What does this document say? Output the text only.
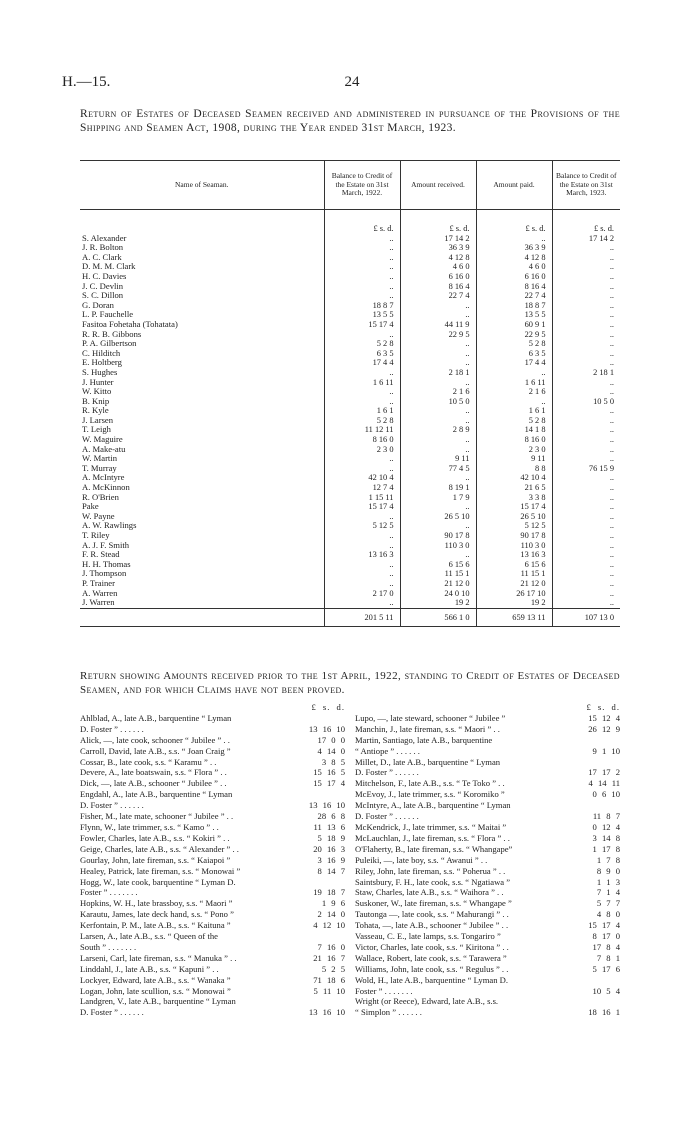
H.—15.	24
Return of Estates of Deceased Seamen received and administered in pursuance of the Provisions of the Shipping and Seamen Act, 1908, during the Year ended 31st March, 1923.
Name of Seaman.	Balance to Credit of the Estate on 31st March, 1922.	Amount received.	Amount paid.	Balance to Credit of the Estate on 31st March, 1923.
	£ s. d.	£ s. d.	£ s. d.	£ s. d.
S. Alexander	..	17 14 2	..	17 14 2
J. R. Bolton	..	36 3 9	36 3 9	..
A. C. Clark	..	4 12 8	4 12 8	..
D. M. M. Clark	..	4 6 0	4 6 0	..
H. C. Davies	..	6 16 0	6 16 0	..
J. C. Devlin	..	8 16 4	8 16 4	..
S. C. Dillon	..	22 7 4	22 7 4	..
G. Doran	18 8 7	..	18 8 7	..
L. P. Fauchelle	13 5 5	..	13 5 5	..
Fasitoa Fohetaha (Tohatata)	15 17 4	44 11 9	60 9 1	..
R. R. B. Gibbons	..	22 9 5	22 9 5	..
P. A. Gilbertson	5 2 8	..	5 2 8	..
C. Hilditch	6 3 5	..	6 3 5	..
E. Holtberg	17 4 4	..	17 4 4	..
S. Hughes	..	2 18 1	..	2 18 1
J. Hunter	1 6 11	..	1 6 11	..
W. Kitto	..	2 1 6	2 1 6	..
B. Knip	..	10 5 0	..	10 5 0
R. Kyle	1 6 1	..	1 6 1	..
J. Larsen	5 2 8	..	5 2 8	..
T. Leigh	11 12 11	2 8 9	14 1 8	..
W. Maguire	8 16 0	..	8 16 0	..
A. Make-atu	2 3 0	..	2 3 0	..
W. Martin	..	9 11	9 11	..
T. Murray	..	77 4 5	8 8	76 15 9
A. McIntyre	42 10 4	..	42 10 4	..
A. McKinnon	12 7 4	8 19 1	21 6 5	..
R. O'Brien	1 15 11	1 7 9	3 3 8	..
Pake	15 17 4	..	15 17 4	..
W. Payne	..	26 5 10	26 5 10	..
A. W. Rawlings	5 12 5	..	5 12 5	..
T. Riley	..	90 17 8	90 17 8	..
A. J. F. Smith	..	110 3 0	110 3 0	..
F. R. Stead	13 16 3	..	13 16 3	..
H. H. Thomas	..	6 15 6	6 15 6	..
J. Thompson	..	11 15 1	11 15 1	..
P. Trainer	..	21 12 0	21 12 0	..
A. Warren	2 17 0	24 0 10	26 17 10	..
J. Warren	..	19 2	19 2	..
	201 5 11	566 1 0	659 13 11	107 13 0
Return showing Amounts received prior to the 1st April, 1922, standing to Credit of Estates of Deceased Seamen, and for which Claims have not been proved.
£ s. d.
Ahlblad, A., late A.B., barquentine “ Lyman
D. Foster ” . . . . . .	13 16 10
Alick, —, late cook, schooner “ Jubilee ” . .	17 0 0
Carroll, David, late A.B., s.s. “ Joan Craig ”	4 14 0
Cossar, B., late cook, s.s. “ Karamu ” . .	3 8 5
Devere, A., late boatswain, s.s. “ Flora ” . .	15 16 5
Dick, —, late A.B., schooner “ Jubilee ” . .	15 17 4
Engdahl, A., late A.B., barquentine “ Lyman
D. Foster ” . . . . . .	13 16 10
Fisher, M., late mate, schooner “ Jubilee ” . .	28 6 8
Flynn, W., late trimmer, s.s. “ Kamo ” . .	11 13 6
Fowler, Charles, late A.B., s.s. “ Kokiri ” . .	5 18 9
Geige, Charles, late A.B., s.s. “ Alexander ” . .	20 16 3
Gourlay, John, late fireman, s.s. “ Kaiapoi ”	3 16 9
Healey, Patrick, late fireman, s.s. “ Monowai ”	8 14 7
Hogg, W., late cook, barquentine “ Lyman D.
Foster ” . . . . . . .	19 18 7
Hopkins, W. H., late brassboy, s.s. “ Maori ”	1 9 6
Karautu, James, late deck hand, s.s. “ Pono ”	2 14 0
Kerfontain, P. M., late A.B., s.s. “ Kaituna ”	4 12 10
Larsen, A., late A.B., s.s. “ Queen of the
South ” . . . . . . .	7 16 0
Larseni, Carl, late fireman, s.s. “ Manuka ” . .	21 16 7
Linddahl, J., late A.B., s.s. “ Kapuni ” . .	5 2 5
Lockyer, Edward, late A.B., s.s. “ Wanaka ”	71 18 6
Logan, John, late scullion, s.s. “ Monowai ”	5 11 10
Landgren, V., late A.B., barquentine “ Lyman
D. Foster ” . . . . . .	13 16 10
£ s. d.
Lupo, —, late steward, schooner “ Jubilee ”	15 12 4
Manchin, J., late fireman, s.s. “ Maori ” . .	26 12 9
Martin, Santiago, late A.B., barquentine
“ Antiope ” . . . . . .	9 1 10
Millet, D., late A.B., barquentine “ Lyman
D. Foster ” . . . . . .	17 17 2
Mitchelson, F., late A.B., s.s. “ Te Toko ” . .	4 14 11
McEvoy, J., late trimmer, s.s. “ Koromiko ”	0 6 10
McIntyre, A., late A.B., barquentine “ Lyman
D. Foster ” . . . . . .	11 8 7
McKendrick, J., late trimmer, s.s. “ Maitai ”	0 12 4
McLauchlan, J., late fireman, s.s. “ Flora ” . .	3 14 8
O'Flaherty, B., late fireman, s.s. “ Whangape”	1 17 8
Puleiki, —, late boy, s.s. “ Awanui ” . .	1 7 8
Riley, John, late fireman, s.s. “ Poherua ” . .	8 9 0
Saintsbury, F. H., late cook, s.s. “ Ngatiawa ”	1 1 3
Staw, Charles, late A.B., s.s. “ Waihora ” . .	7 1 4
Suskoner, W., late fireman, s.s. “ Whangape ”	5 7 7
Tautonga —, late cook, s.s. “ Mahurangi ” . .	4 8 0
Tohata, —, late A.B., schooner “ Jubilee ” . .	15 17 4
Vasseau, C. E., late lamps, s.s. Tongariro ”	8 17 0
Victor, Charles, late cook, s.s. “ Kiritona ” . .	17 8 4
Wallace, Robert, late cook, s.s. “ Tarawera ”	7 8 1
Williams, John, late cook, s.s. “ Regulus ” . .	5 17 6
Wold, H., late A.B., barquentine “ Lyman D.
Foster ” . . . . . . .	10 5 4
Wright (or Reece), Edward, late A.B., s.s.
“ Simplon ” . . . . . .	18 16 1
